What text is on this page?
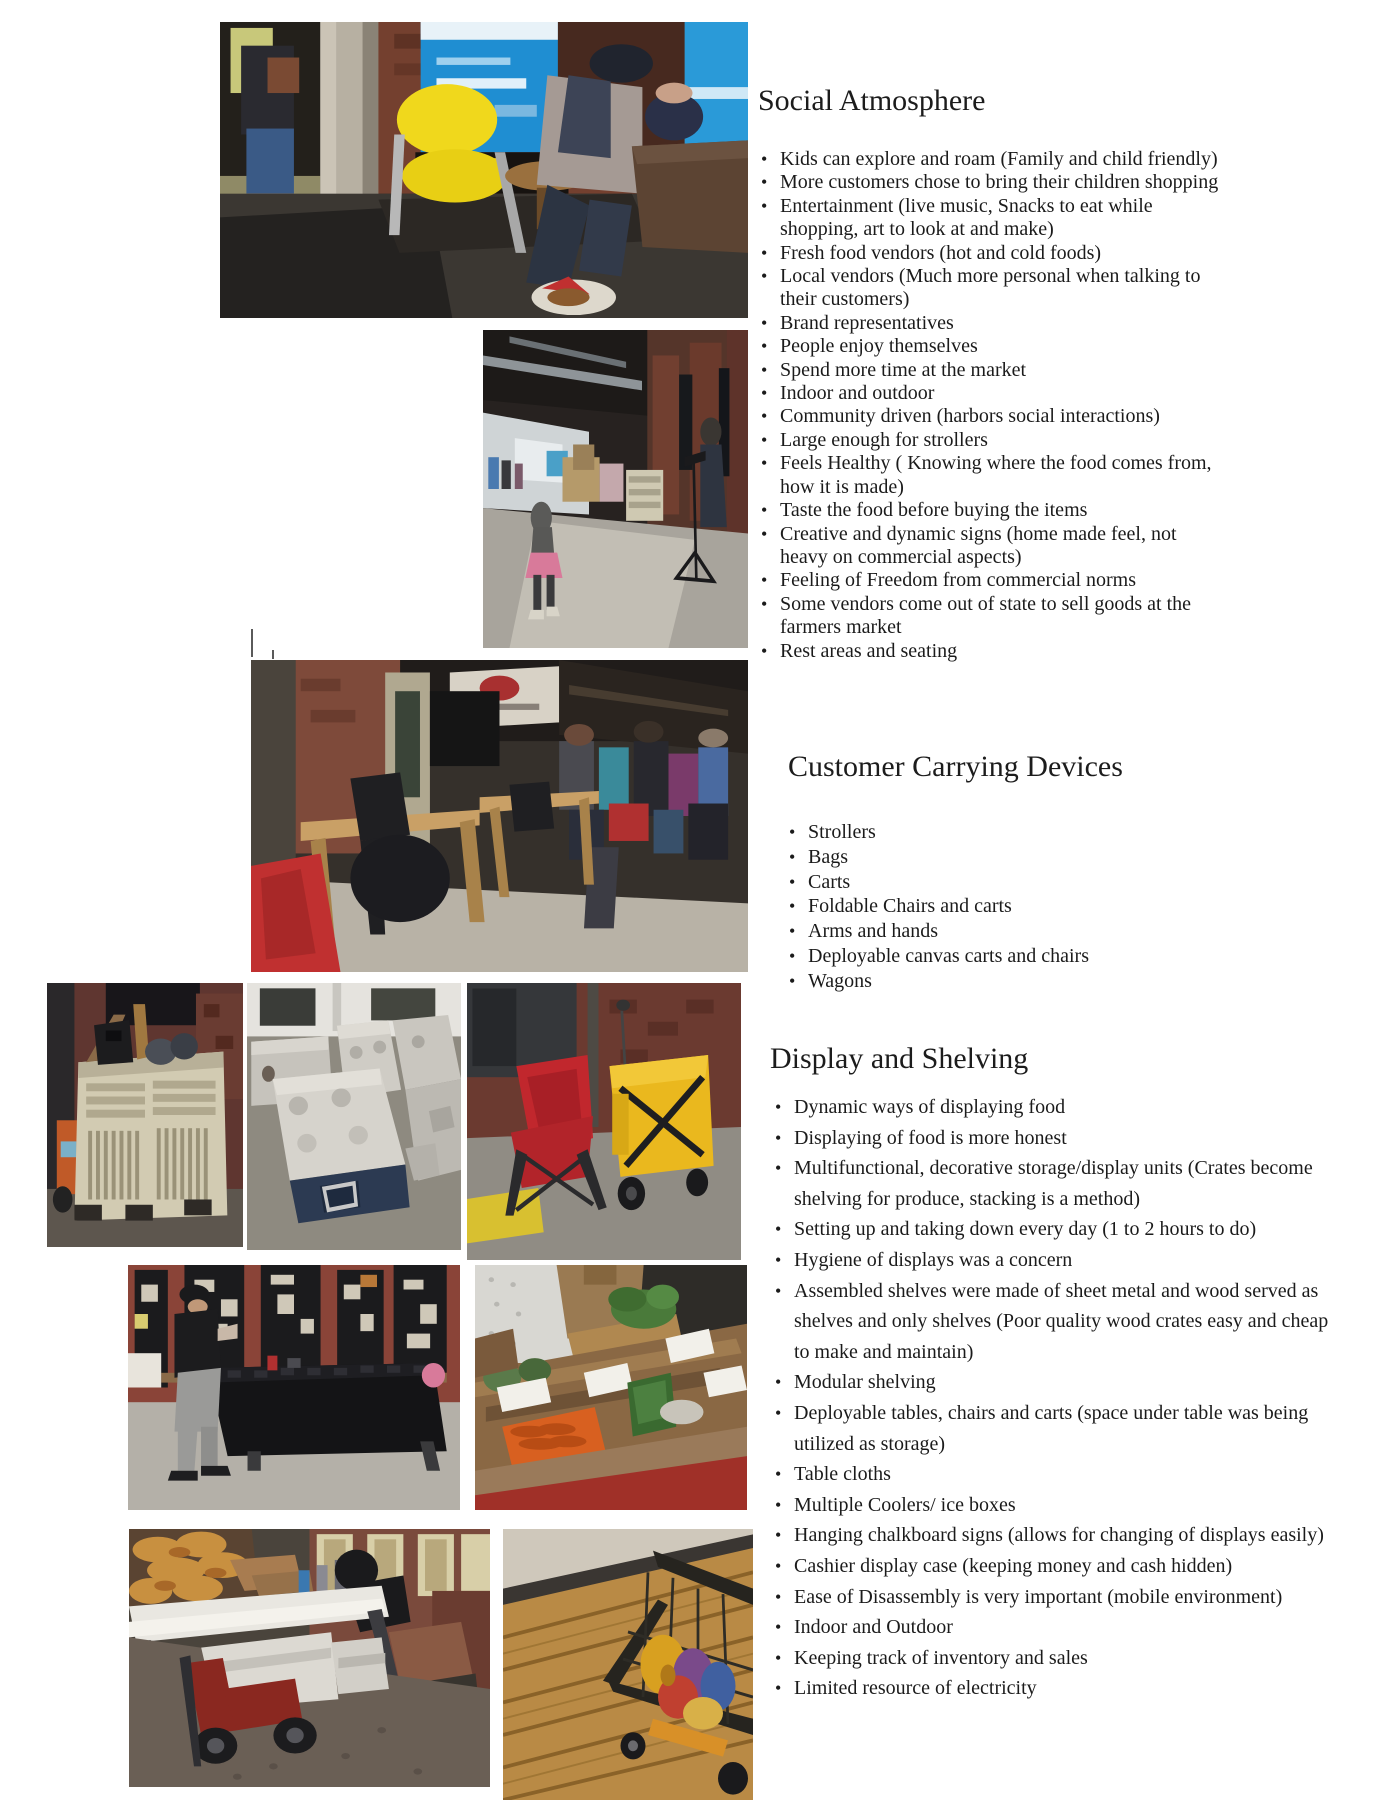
Social Atmosphere
• Kids can explore and roam (Family and child friendly)
• More customers chose to bring their children shopping
• Entertainment (live music, Snacks to eat while shopping, art to look at and make)
• Fresh food vendors (hot and cold foods)
• Local vendors (Much more personal when talking to their customers)
• Brand representatives
• People enjoy themselves
• Spend more time at the market
• Indoor and outdoor
• Community driven (harbors social interactions)
• Large enough for strollers
• Feels Healthy ( Knowing where the food comes from, how it is made)
• Taste the food before buying the items
• Creative and dynamic signs (home made feel, not heavy on commercial aspects)
• Feeling of Freedom from commercial norms
• Some vendors come out of state to sell goods at the farmers market
• Rest areas and seating
Customer Carrying Devices
• Strollers
• Bags
• Carts
• Foldable Chairs and carts
• Arms and hands
• Deployable canvas carts and chairs
• Wagons
Display and Shelving
• Dynamic ways of displaying food
• Displaying of food is more honest
• Multifunctional, decorative storage/display units (Crates become shelving for produce, stacking is a method)
• Setting up and taking down every day (1 to 2 hours to do)
• Hygiene of displays was a concern
• Assembled shelves were made of sheet metal and wood served as shelves and only shelves (Poor quality wood crates easy and cheap to make and maintain)
• Modular shelving
• Deployable tables, chairs and carts (space under table was being utilized as storage)
• Table cloths
• Multiple Coolers/ ice boxes
• Hanging chalkboard signs (allows for changing of displays easily)
• Cashier display case (keeping money and cash hidden)
• Ease of Disassembly is very important (mobile environment)
• Indoor and Outdoor
• Keeping track of inventory and sales
• Limited resource of electricity
